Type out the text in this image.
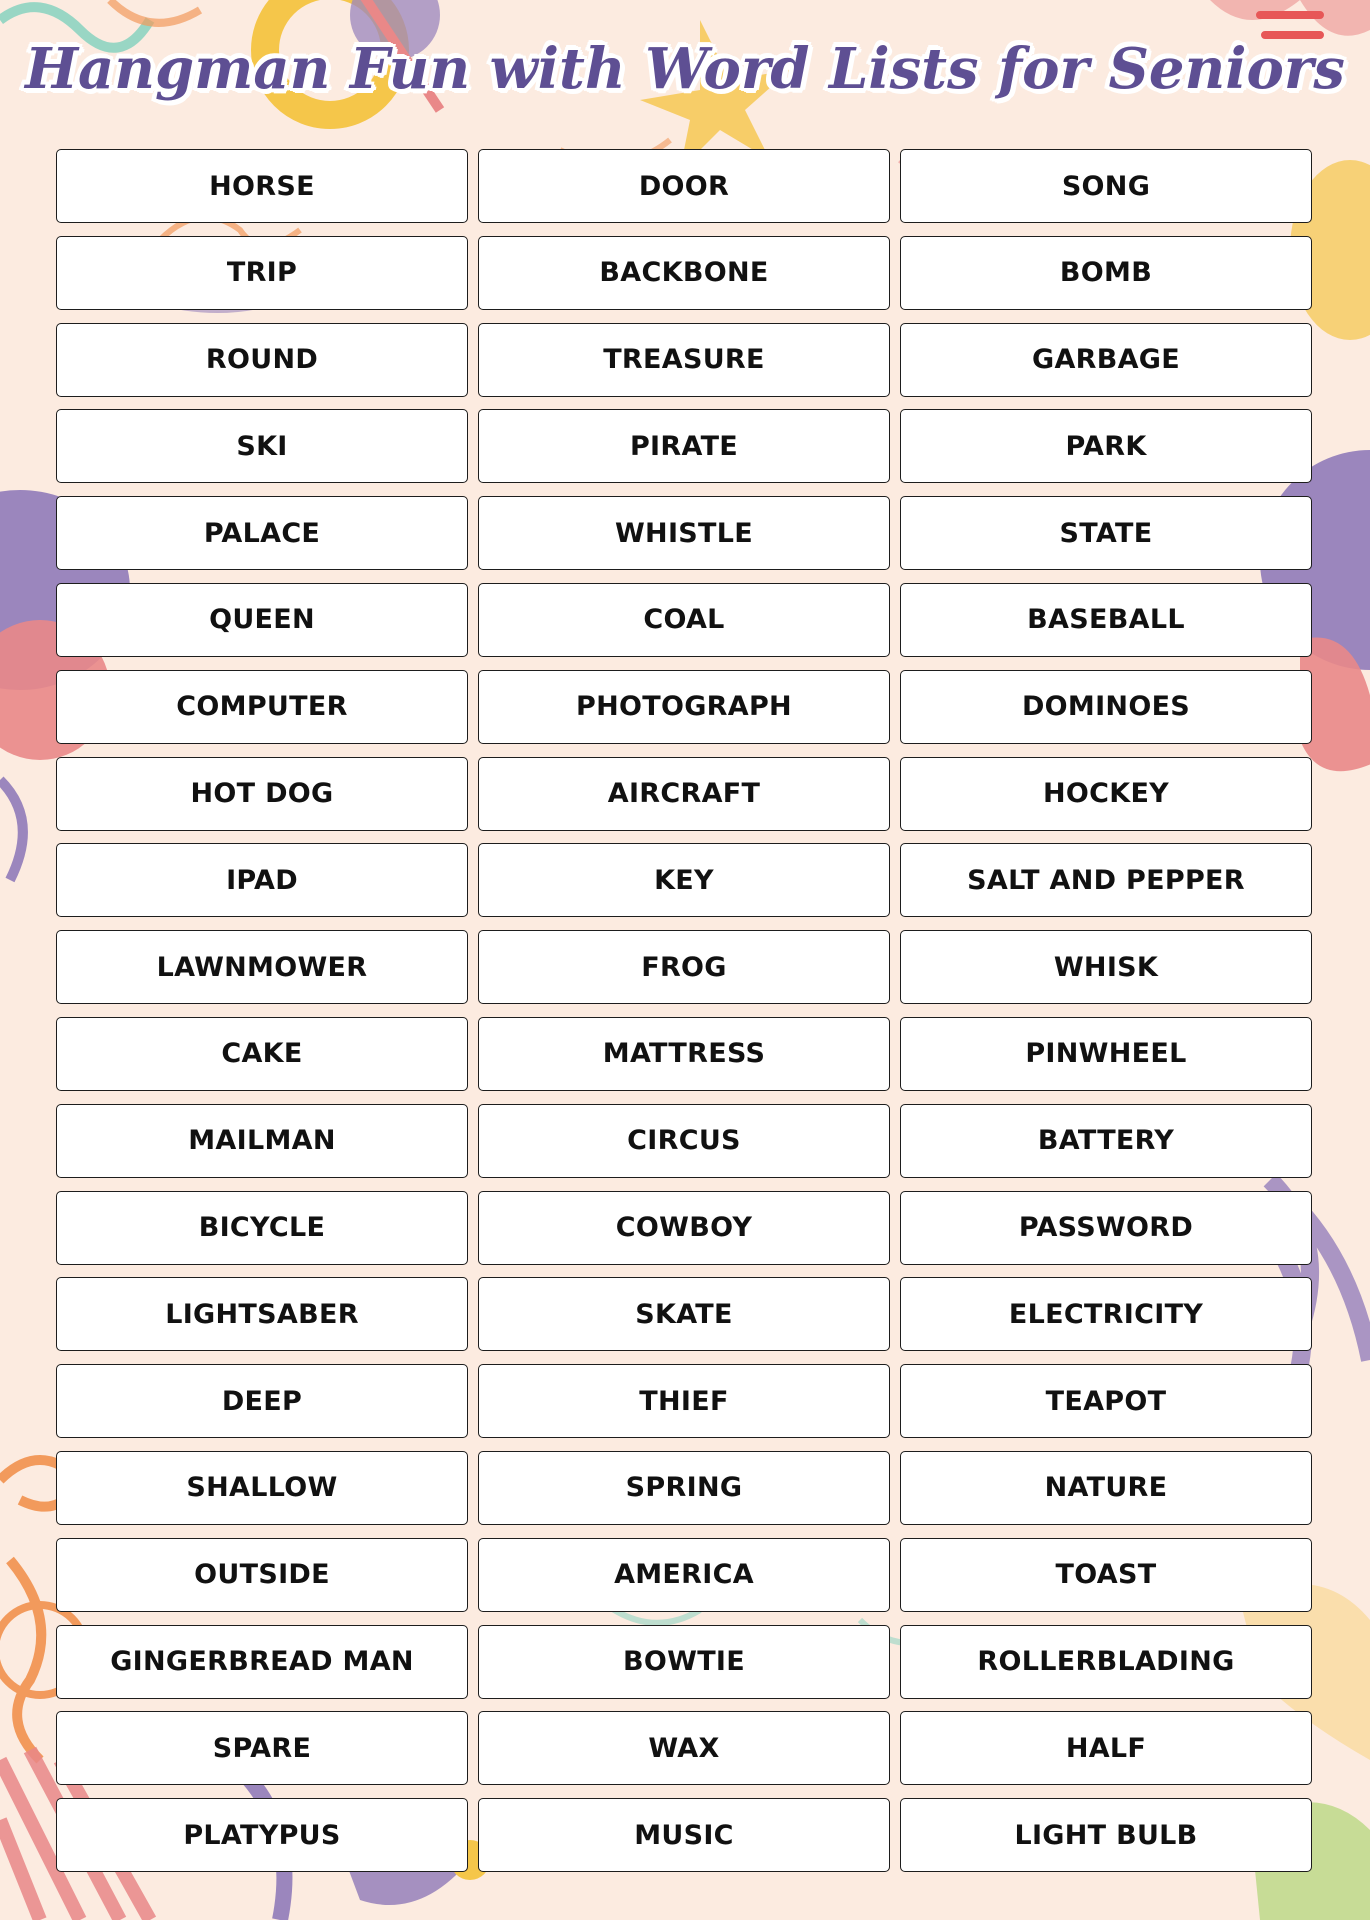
Hangman Fun with Word Lists for Seniors
HORSE	DOOR	SONG
TRIP	BACKBONE	BOMB
ROUND	TREASURE	GARBAGE
SKI	PIRATE	PARK
PALACE	WHISTLE	STATE
QUEEN	COAL	BASEBALL
COMPUTER	PHOTOGRAPH	DOMINOES
HOT DOG	AIRCRAFT	HOCKEY
IPAD	KEY	SALT AND PEPPER
LAWNMOWER	FROG	WHISK
CAKE	MATTRESS	PINWHEEL
MAILMAN	CIRCUS	BATTERY
BICYCLE	COWBOY	PASSWORD
LIGHTSABER	SKATE	ELECTRICITY
DEEP	THIEF	TEAPOT
SHALLOW	SPRING	NATURE
OUTSIDE	AMERICA	TOAST
GINGERBREAD MAN	BOWTIE	ROLLERBLADING
SPARE	WAX	HALF
PLATYPUS	MUSIC	LIGHT BULB
